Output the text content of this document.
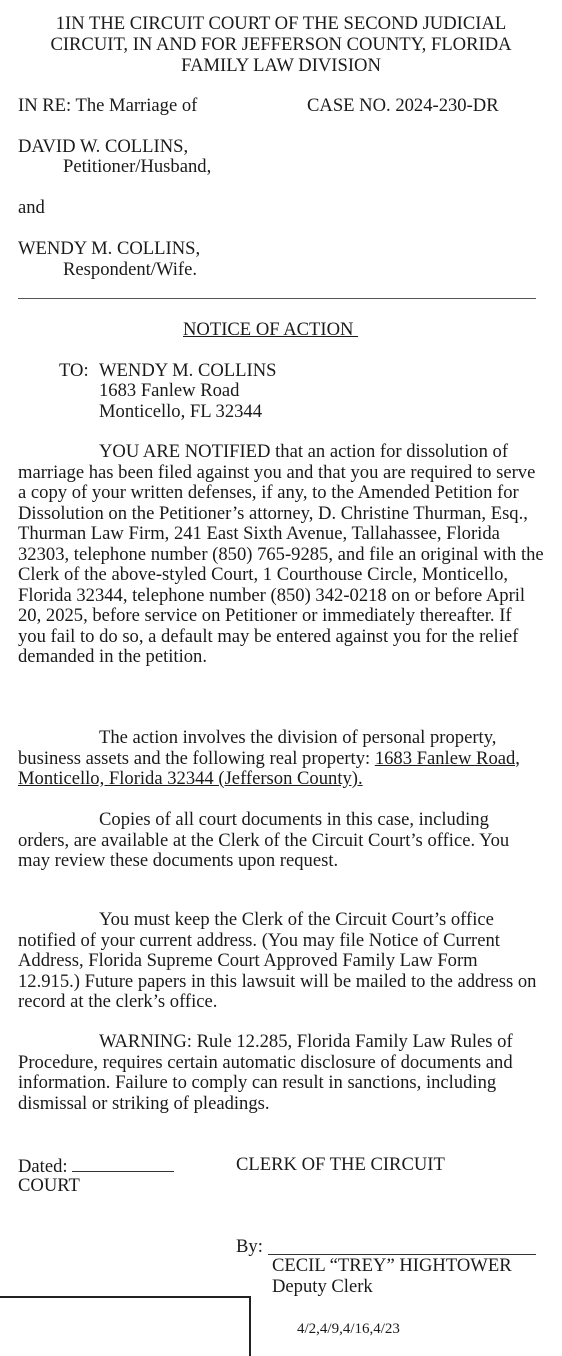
1IN THE CIRCUIT COURT OF THE SECOND JUDICIAL
CIRCUIT, IN AND FOR JEFFERSON COUNTY, FLORIDA
FAMILY LAW DIVISION
IN RE: The Marriage of	CASE NO. 2024-230-DR
DAVID W. COLLINS,
Petitioner/Husband,
and
WENDY M. COLLINS,
Respondent/Wife.
NOTICE OF ACTION
TO: WENDY M. COLLINS
1683 Fanlew Road
Monticello, FL 32344
YOU ARE NOTIFIED that an action for dissolution of marriage has been filed against you and that you are required to serve a copy of your written defenses, if any, to the Amended Petition for Dissolution on the Petitioner’s attorney, D. Christine Thurman, Esq., Thurman Law Firm, 241 East Sixth Avenue, Tallahassee, Florida 32303, telephone number (850) 765-9285, and file an original with the Clerk of the above-styled Court, 1 Courthouse Circle, Monticello, Florida 32344, telephone number (850) 342-0218 on or before April 20, 2025, before service on Petitioner or immediately thereafter. If you fail to do so, a default may be entered against you for the relief demanded in the petition.
The action involves the division of personal property, business assets and the following real property: 1683 Fanlew Road, Monticello, Florida 32344 (Jefferson County).
Copies of all court documents in this case, including orders, are available at the Clerk of the Circuit Court’s office. You may review these documents upon request.
You must keep the Clerk of the Circuit Court’s office notified of your current address. (You may file Notice of Current Address, Florida Supreme Court Approved Family Law Form 12.915.) Future papers in this lawsuit will be mailed to the address on record at the clerk’s office.
WARNING: Rule 12.285, Florida Family Law Rules of Procedure, requires certain automatic disclosure of documents and information. Failure to comply can result in sanctions, including dismissal or striking of pleadings.
Dated:	CLERK OF THE CIRCUIT
COURT
By:
CECIL “TREY” HIGHTOWER
Deputy Clerk
4/2,4/9,4/16,4/23
